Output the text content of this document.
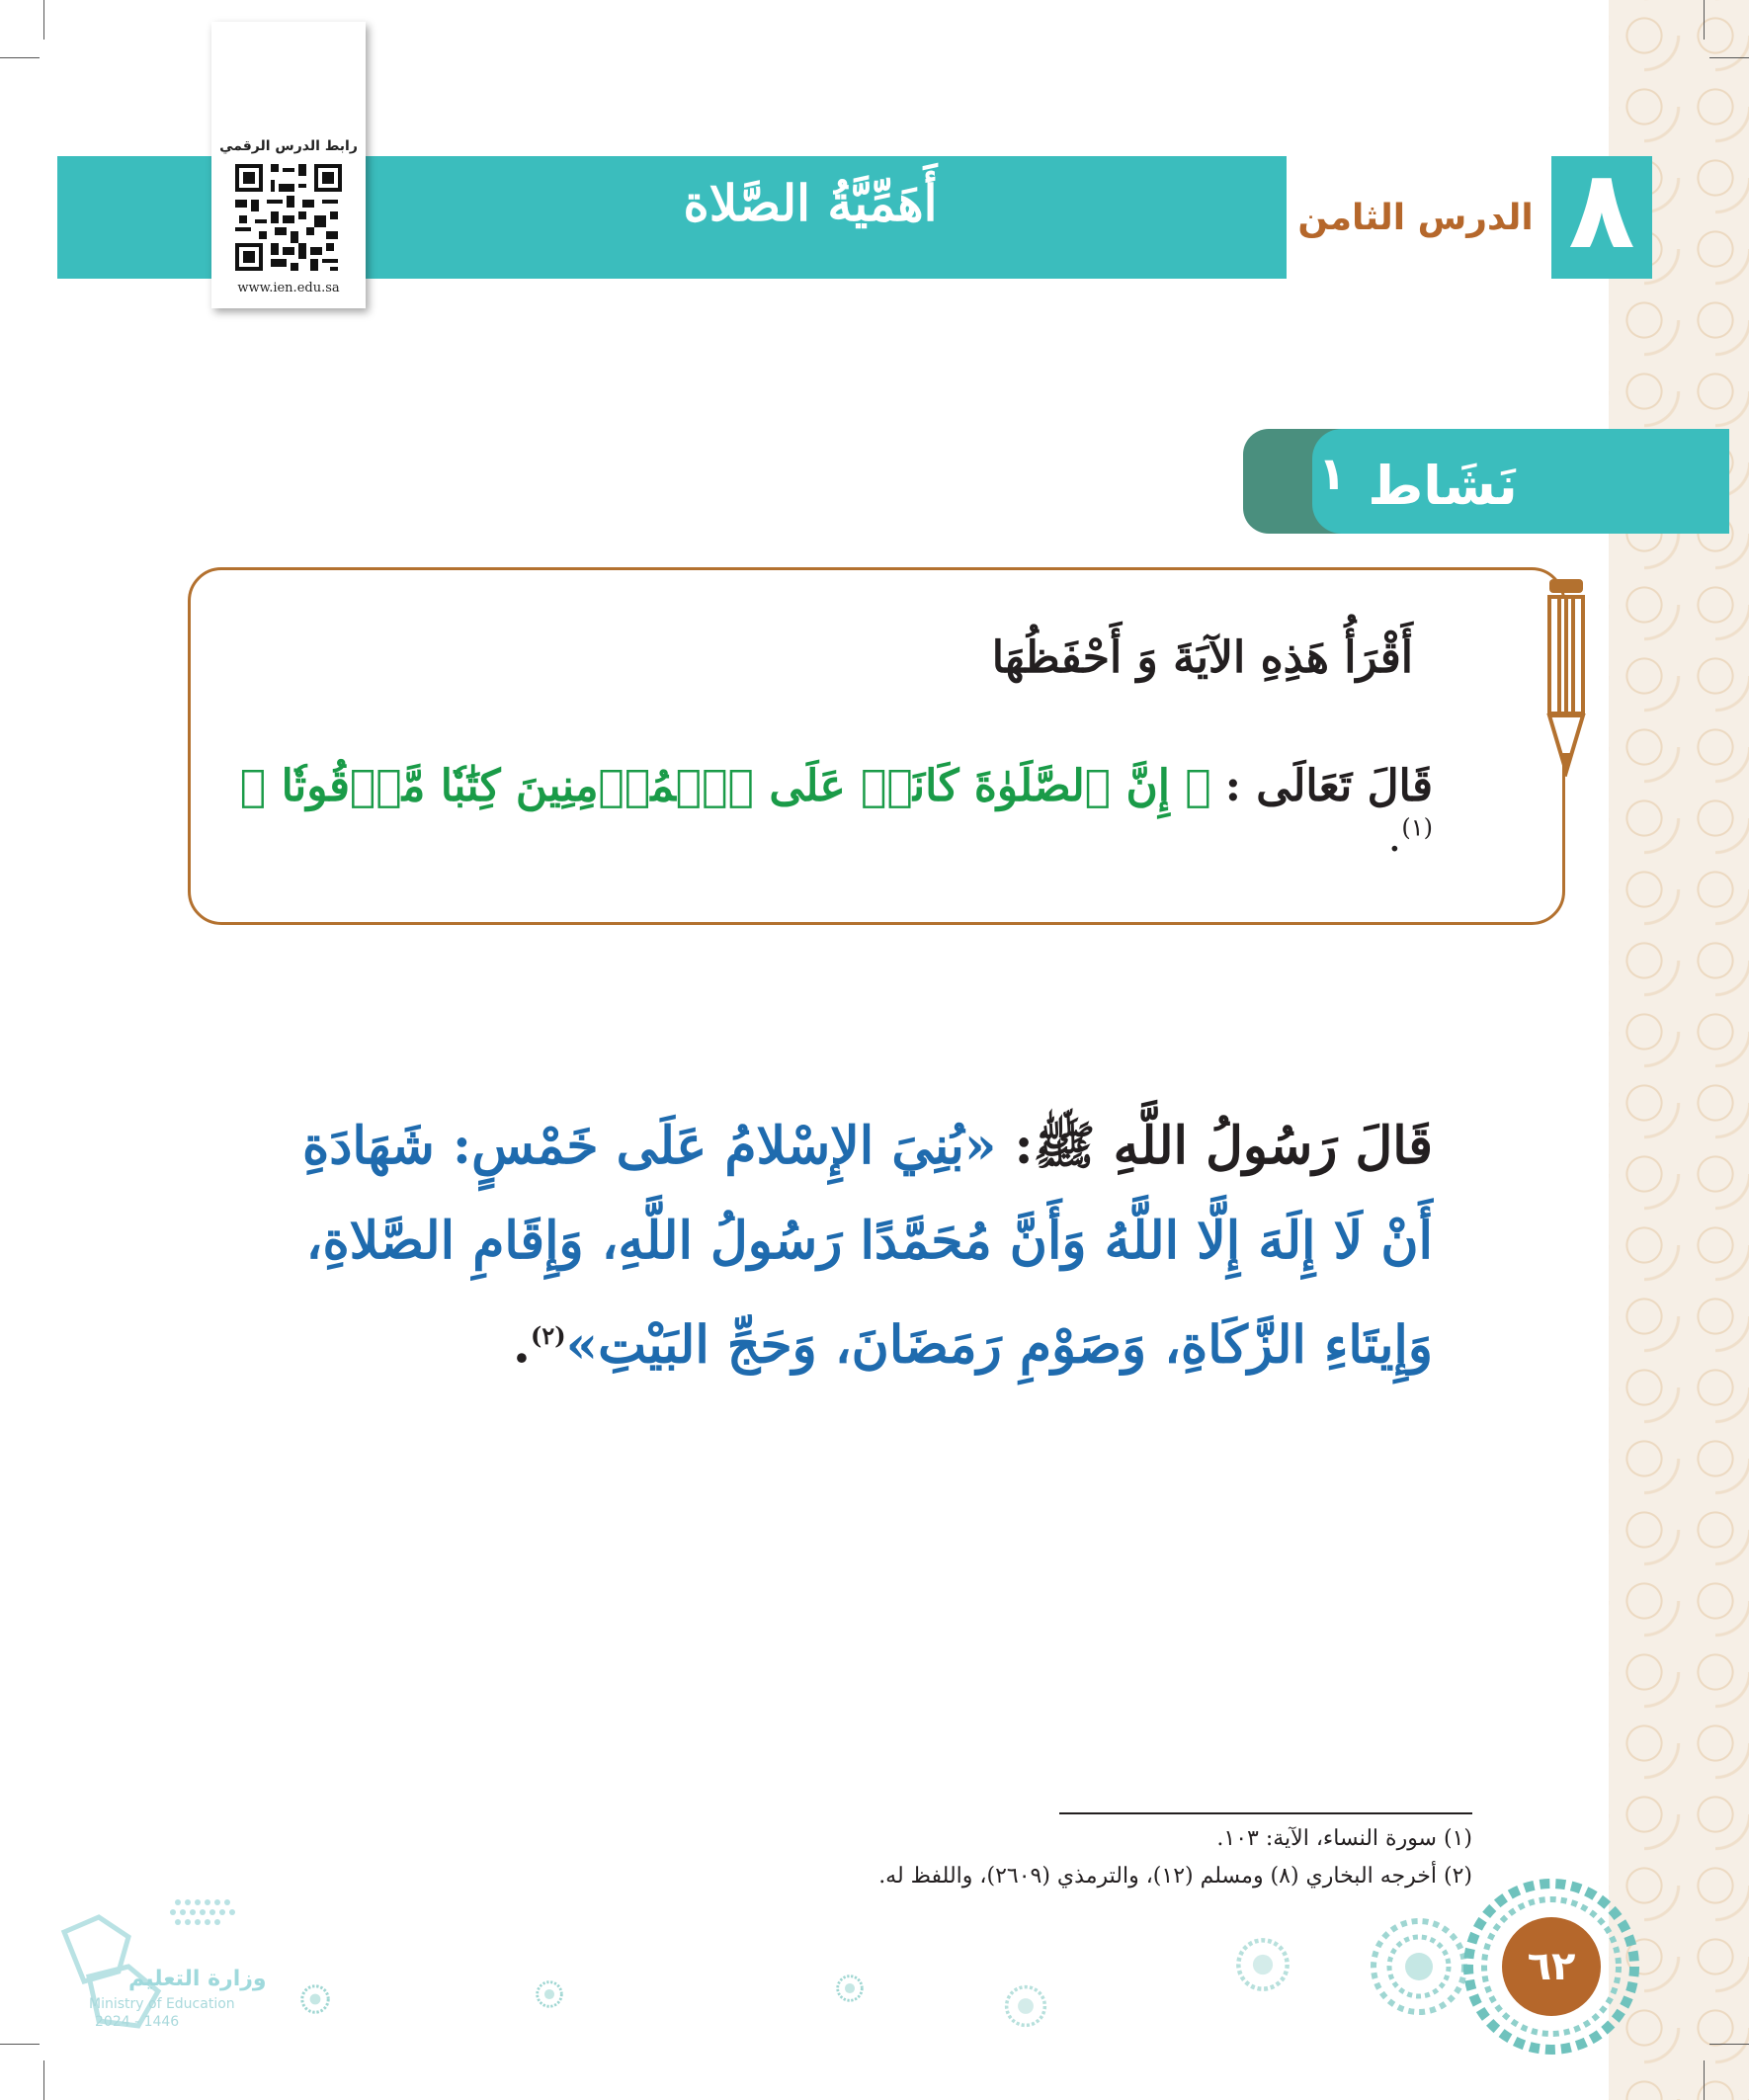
أَهَمِّيَّةُ الصَّلاة	الدرس الثامن ٨
رابط الدرس الرقمي
www.ien.edu.sa
١ نَشَاط
أَقْرَأُ هَذِهِ الآيَةَ وَ أَحْفَظُهَا
قَالَ تَعَالَى : ﴿ إِنَّ ٱلصَّلَوٰةَ كَانَتۡ عَلَى ٱلۡمُؤۡمِنِينَ كِتَٰبٗا مَّوۡقُوتٗا ﴾$^{(١)}$.
قَالَ رَسُولُ اللَّهِ ﷺ: «بُنِيَ الإِسْلامُ عَلَى خَمْسٍ: شَهَادَةِ أَنْ لَا إِلَهَ إِلَّا اللَّهُ وَأَنَّ مُحَمَّدًا رَسُولُ اللَّهِ، وَإِقَامِ الصَّلاةِ، وَإِيتَاءِ الزَّكَاةِ، وَصَوْمِ رَمَضَانَ، وَحَجِّ البَيْتِ»$^{(٢)}$.
(١) سورة النساء، الآية: ١٠٣.
(٢) أخرجه البخاري (٨) ومسلم (١٢)، والترمذي (٢٦٠٩)، واللفظ له.
٦٢
وزارة التعليم
Ministry of Education
2024 - 1446
